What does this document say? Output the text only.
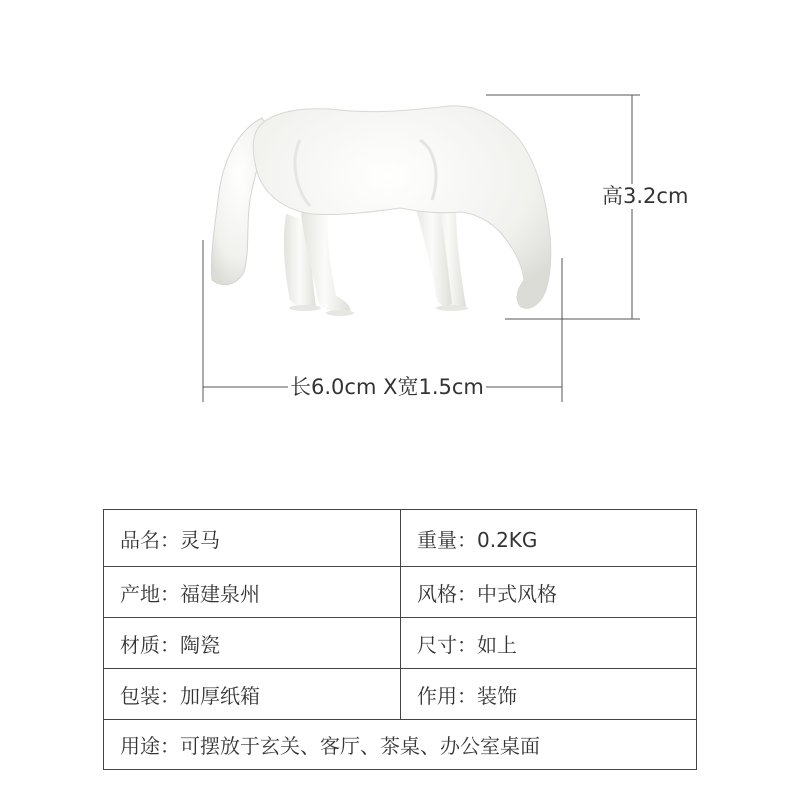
高3.2cm
长6.0cm X宽1.5cm
品名：灵马	重量：0.2KG
产地：福建泉州	风格：中式风格
材质：陶瓷	尺寸：如上
包装：加厚纸箱	作用：装饰
用途：可摆放于玄关、客厅、茶桌、办公室桌面	
